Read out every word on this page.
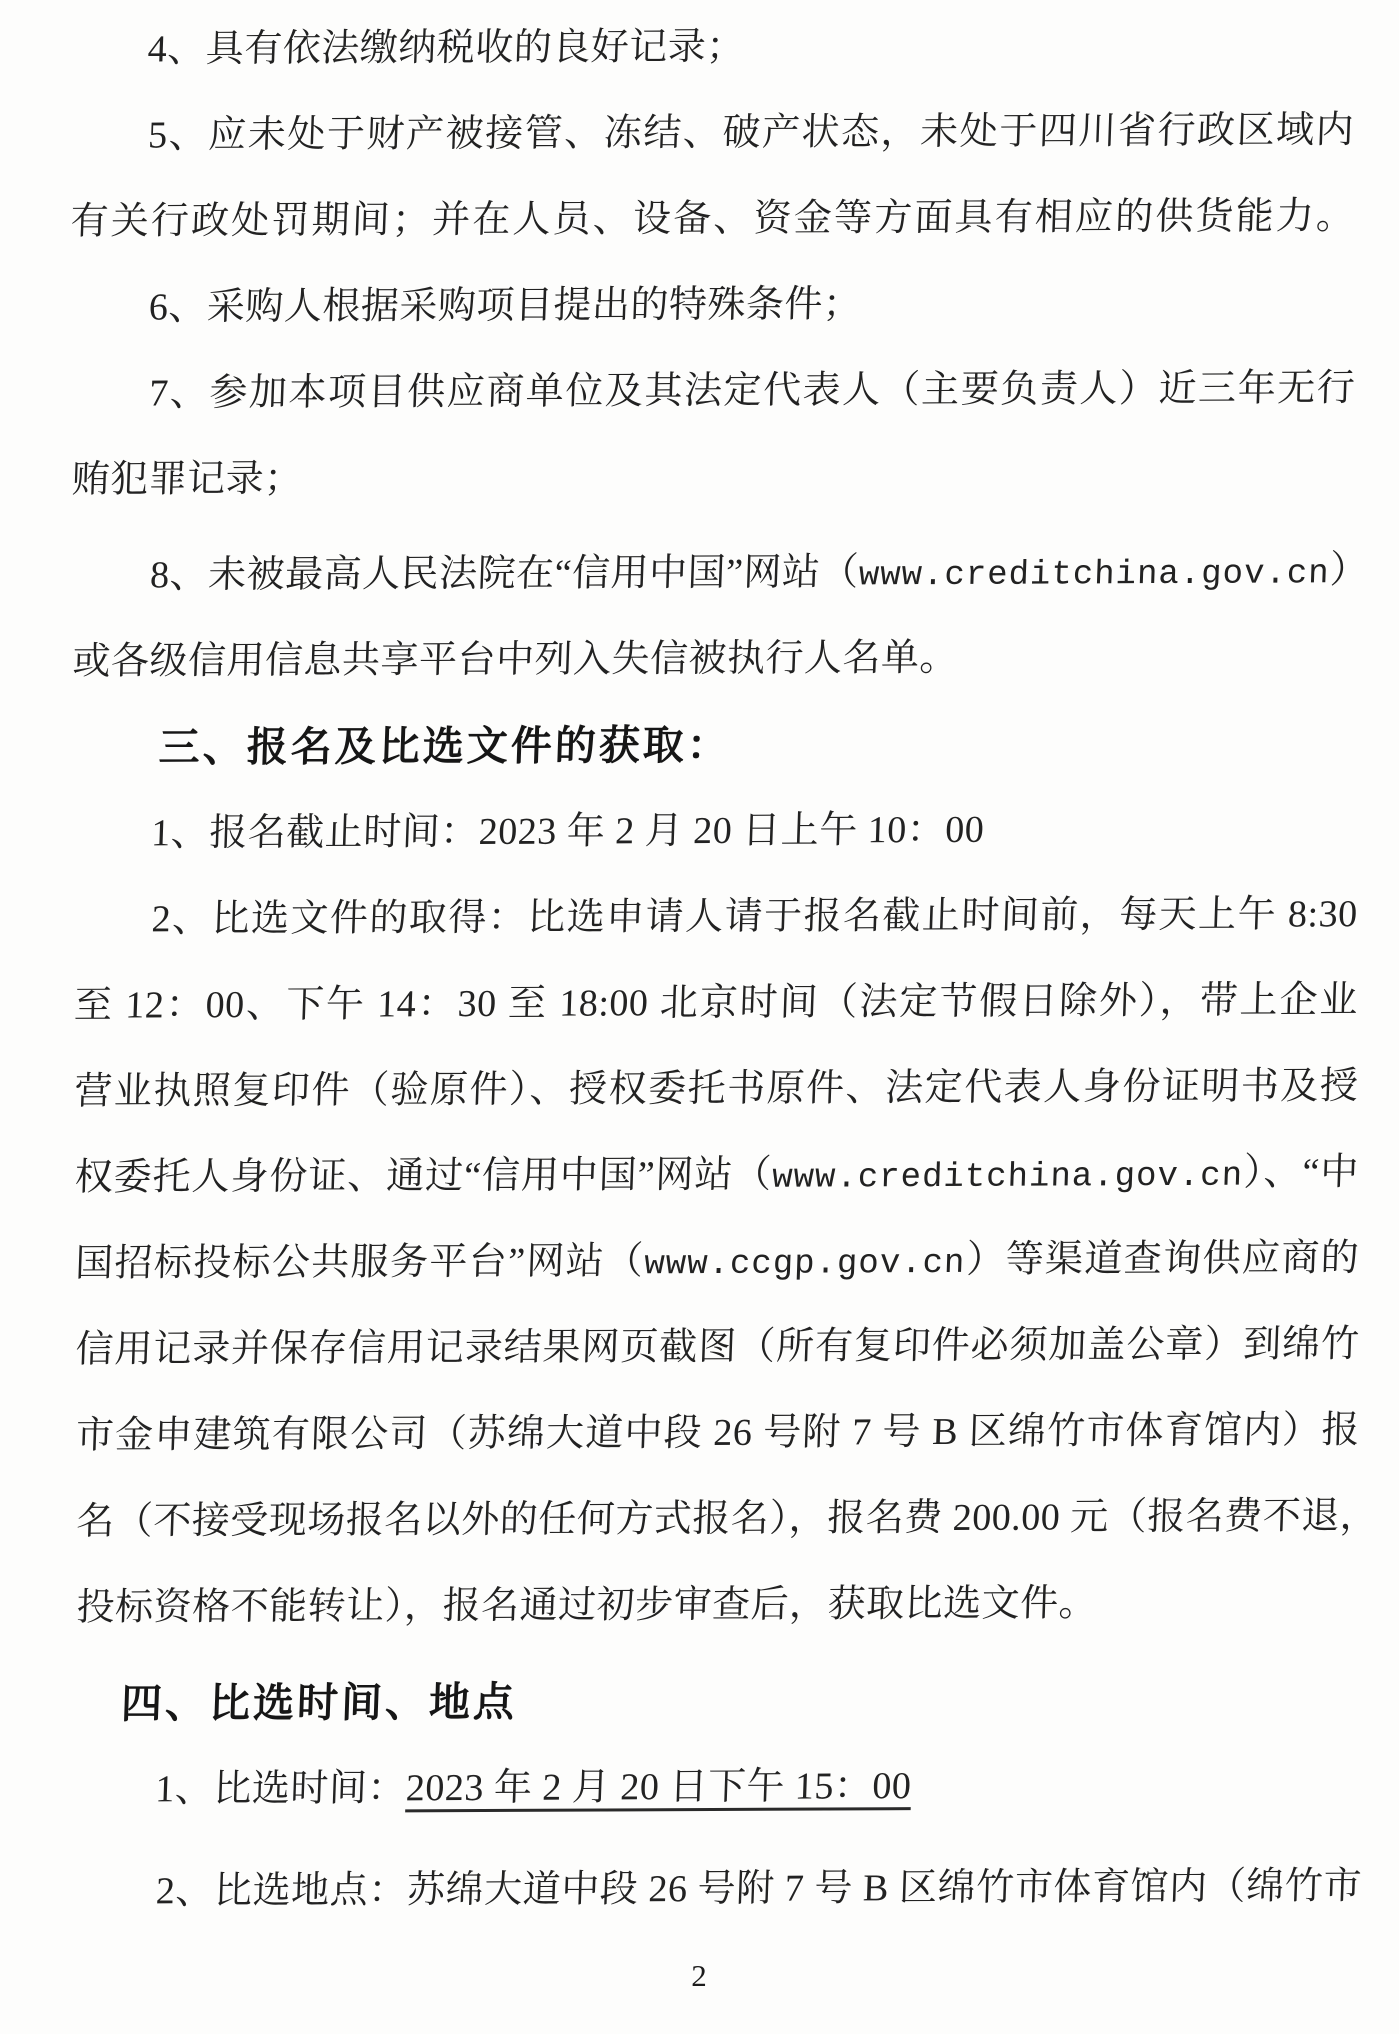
4、具有依法缴纳税收的良好记录；
5、应未处于财产被接管、冻结、破产状态，未处于四川省行政区域内
有关行政处罚期间；并在人员、设备、资金等方面具有相应的供货能力。
6、采购人根据采购项目提出的特殊条件；
7、参加本项目供应商单位及其法定代表人（主要负责人）近三年无行
贿犯罪记录；
8、未被最高人民法院在“信用中国”网站（www.creditchina.gov.cn）
或各级信用信息共享平台中列入失信被执行人名单。
三、报名及比选文件的获取：
1、报名截止时间：2023 年 2 月 20 日上午 10：00
2、比选文件的取得：比选申请人请于报名截止时间前，每天上午 8:30
至 12：00、下午 14：30 至 18:00 北京时间（法定节假日除外），带上企业
营业执照复印件（验原件）、授权委托书原件、法定代表人身份证明书及授
权委托人身份证、通过“信用中国”网站（www.creditchina.gov.cn）、“中
国招标投标公共服务平台”网站（www.ccgp.gov.cn）等渠道查询供应商的
信用记录并保存信用记录结果网页截图（所有复印件必须加盖公章）到绵竹
市金申建筑有限公司（苏绵大道中段 26 号附 7 号 B 区绵竹市体育馆内）报
名（不接受现场报名以外的任何方式报名），报名费 200.00 元（报名费不退，
投标资格不能转让），报名通过初步审查后，获取比选文件。
四、比选时间、地点
1、比选时间：2023 年 2 月 20 日下午 15：00
2、比选地点：苏绵大道中段 26 号附 7 号 B 区绵竹市体育馆内（绵竹市
2
